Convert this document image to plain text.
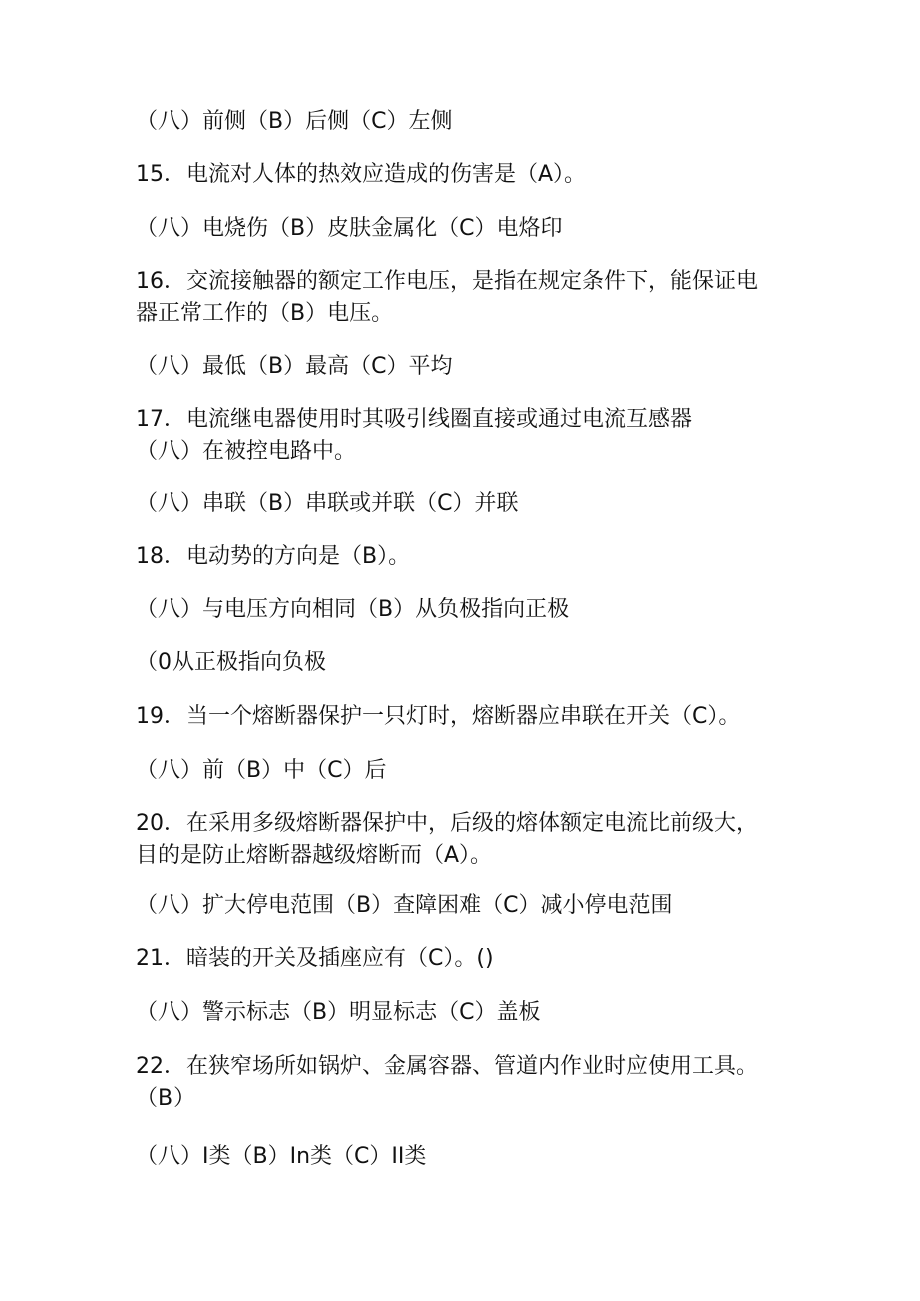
（八）前侧（B）后侧（C）左侧
15．电流对人体的热效应造成的伤害是（A）。
（八）电烧伤（B）皮肤金属化（C）电烙印
16．交流接触器的额定工作电压，是指在规定条件下，能保证电
器正常工作的（B）电压。
（八）最低（B）最高（C）平均
17．电流继电器使用时其吸引线圈直接或通过电流互感器
（八）在被控电路中。
（八）串联（B）串联或并联（C）并联
18．电动势的方向是（B）。
（八）与电压方向相同（B）从负极指向正极
（0从正极指向负极
19．当一个熔断器保护一只灯时，熔断器应串联在开关（C）。
（八）前（B）中（C）后
20．在采用多级熔断器保护中，后级的熔体额定电流比前级大，
目的是防止熔断器越级熔断而（A）。
（八）扩大停电范围（B）查障困难（C）减小停电范围
21．暗装的开关及插座应有（C）。()
（八）警示标志（B）明显标志（C）盖板
22．在狭窄场所如锅炉、金属容器、管道内作业时应使用工具。
（B）
（八）I类（B）In类（C）II类
